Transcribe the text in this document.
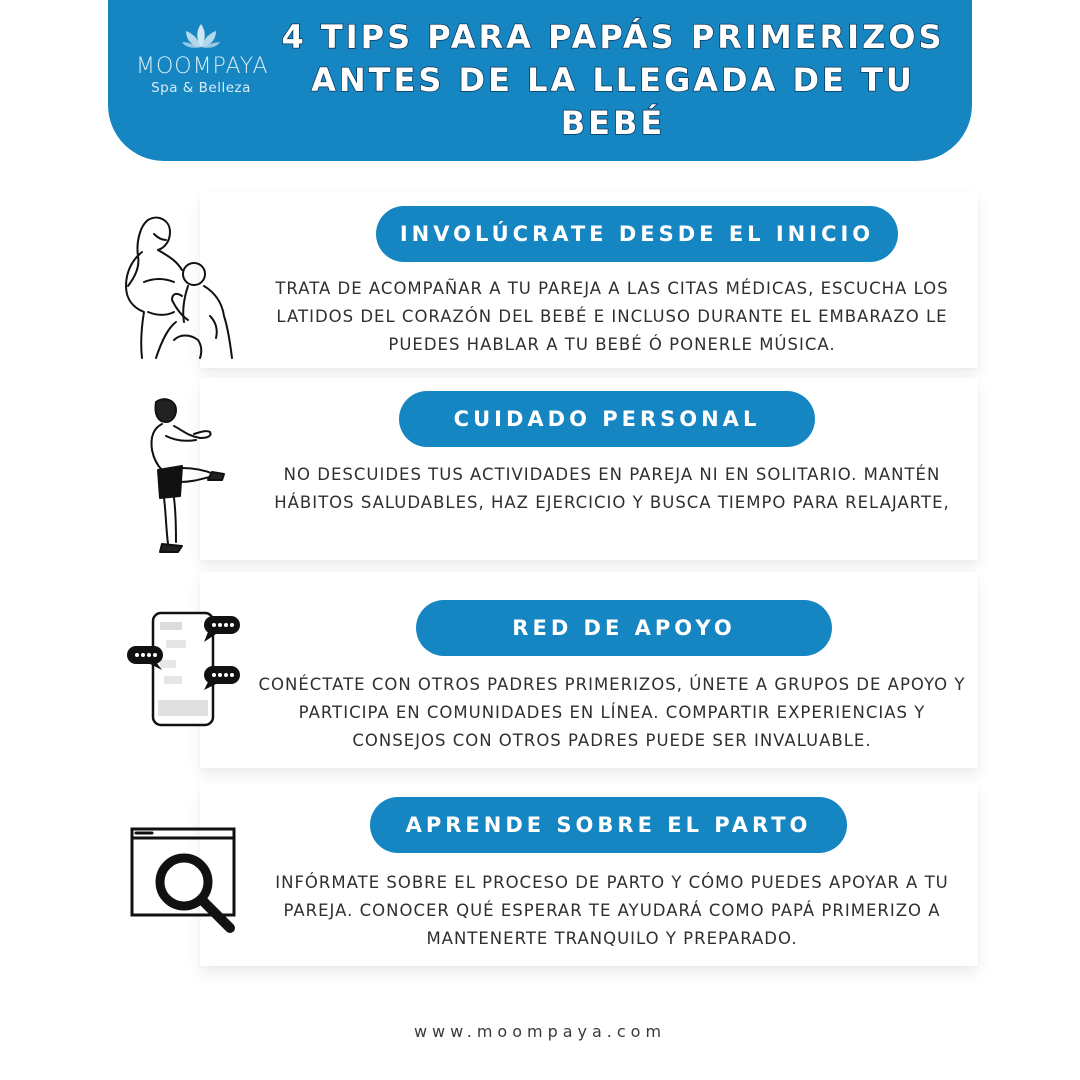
MOOMPAYA
Spa & Belleza
4 TIPS PARA PAPÁS PRIMERIZOS ANTES DE LA LLEGADA DE TU BEBÉ
INVOLÚCRATE DESDE EL INICIO

TRATA DE ACOMPAÑAR A TU PAREJA A LAS CITAS MÉDICAS, ESCUCHA LOS LATIDOS DEL CORAZÓN DEL BEBÉ E INCLUSO DURANTE EL EMBARAZO LE PUEDES HABLAR A TU BEBÉ Ó PONERLE MÚSICA.

CUIDADO PERSONAL

NO DESCUIDES TUS ACTIVIDADES EN PAREJA NI EN SOLITARIO. MANTÉN HÁBITOS SALUDABLES, HAZ EJERCICIO Y BUSCA TIEMPO PARA RELAJARTE,

RED DE APOYO

CONÉCTATE CON OTROS PADRES PRIMERIZOS, ÚNETE A GRUPOS DE APOYO Y PARTICIPA EN COMUNIDADES EN LÍNEA. COMPARTIR EXPERIENCIAS Y CONSEJOS CON OTROS PADRES PUEDE SER INVALUABLE.

APRENDE SOBRE EL PARTO

INFÓRMATE SOBRE EL PROCESO DE PARTO Y CÓMO PUEDES APOYAR A TU PAREJA. CONOCER QUÉ ESPERAR TE AYUDARÁ COMO PAPÁ PRIMERIZO A MANTENERTE TRANQUILO Y PREPARADO.

www.moompaya.com
